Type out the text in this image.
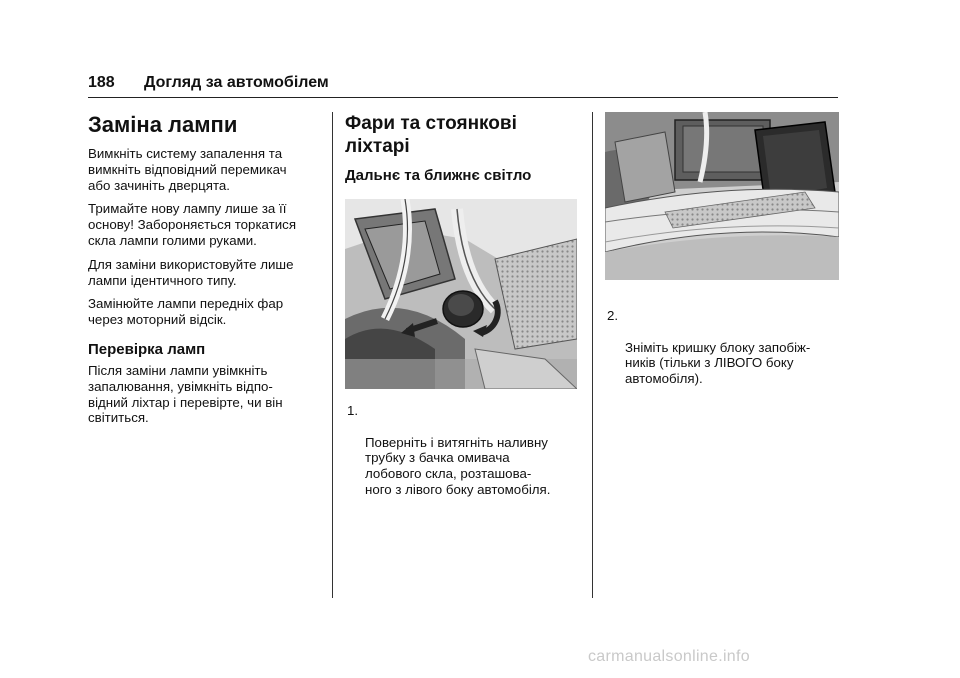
188 Догляд за автомобілем
Заміна лампи

Вимкніть систему запалення та
вимкніть відповідний перемикач
або зачиніть дверцята.

Тримайте нову лампу лише за її
основу! Забороняється торкатися
скла лампи голими руками.

Для заміни використовуйте лише
лампи ідентичного типу.

Замінюйте лампи передніх фар
через моторний відсік.

Перевірка ламп

Після заміни лампи увімкніть
запалювання, увімкніть відпо-
відний ліхтар і перевірте, чи він
світиться.

Фари та стоянкові
ліхтарі
Дальнє та ближнє світло

1.

Поверніть і витягніть наливну
трубку з бачка омивача
лобового скла, розташова-
ного з лівого боку автомобіля.

2.

Зніміть кришку блоку запобіж-
ників (тільки з ЛІВОГО боку
автомобіля).

carmanualsonline.info
